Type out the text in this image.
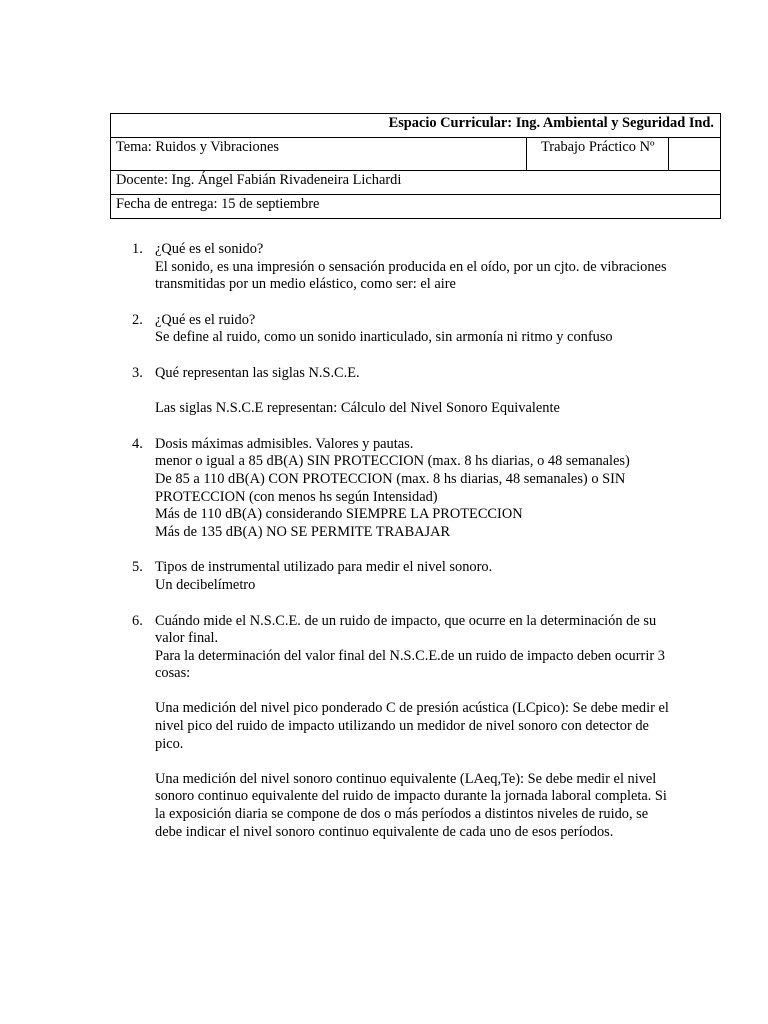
Espacio Curricular: Ing. Ambiental y Seguridad Ind.
Tema: Ruidos y Vibraciones	Trabajo Práctico Nº	
Docente: Ing. Ángel Fabián Rivadeneira Lichardi
Fecha de entrega: 15 de septiembre
1. ¿Qué es el sonido?

El sonido, es una impresión o sensación producida en el oído, por un cjto. de vibraciones transmitidas por un medio elástico, como ser: el aire

2. ¿Qué es el ruido?

Se define al ruido, como un sonido inarticulado, sin armonía ni ritmo y confuso

3. Qué representan las siglas N.S.C.E.

Las siglas N.S.C.E representan: Cálculo del Nivel Sonoro Equivalente

4. Dosis máximas admisibles. Valores y pautas.

menor o igual a 85 dB(A) SIN PROTECCION (max. 8 hs diarias, o 48 semanales)

De 85 a 110 dB(A) CON PROTECCION (max. 8 hs diarias, 48 semanales) o SIN PROTECCION (con menos hs según Intensidad)

Más de 110 dB(A) considerando SIEMPRE LA PROTECCION

Más de 135 dB(A) NO SE PERMITE TRABAJAR

5. Tipos de instrumental utilizado para medir el nivel sonoro.

Un decibelímetro

6. Cuándo mide el N.S.C.E. de un ruido de impacto, que ocurre en la determinación de su valor final.

Para la determinación del valor final del N.S.C.E.de un ruido de impacto deben ocurrir 3 cosas:

Una medición del nivel pico ponderado C de presión acústica (LCpico): Se debe medir el nivel pico del ruido de impacto utilizando un medidor de nivel sonoro con detector de pico.

Una medición del nivel sonoro continuo equivalente (LAeq,Te): Se debe medir el nivel sonoro continuo equivalente del ruido de impacto durante la jornada laboral completa. Si la exposición diaria se compone de dos o más períodos a distintos niveles de ruido, se debe indicar el nivel sonoro continuo equivalente de cada uno de esos períodos.
